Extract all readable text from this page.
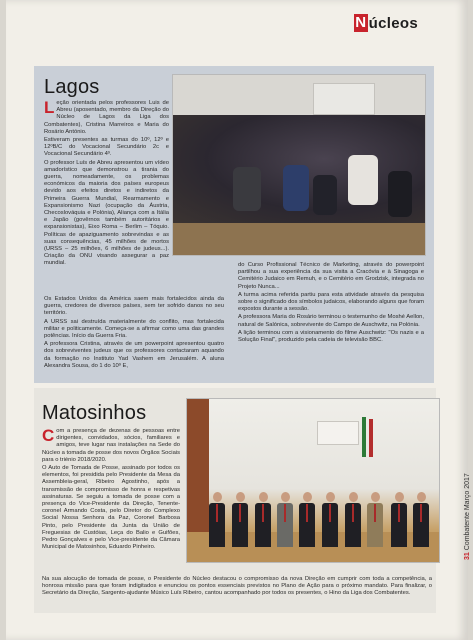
N úcleos
Lagos
L eção orientada pelos professores Luis de Abreu (aposentado, membro da Direção do Núcleo de Lagos da Liga dos Combatentes), Cristina Marreiros e Maria do Rosário António.

Estiveram presentes as turmas do 10º, 12º e 12ºB/C do Vocacional Secundário 2c e Vocacional Secundário 4º.

O professor Luís de Abreu apresentou um vídeo amadorístico que demonstrou a tirania do guerra, nomeadamente, os problemas económicos da maioria dos países europeus devido aos efeitos diretos e indiretos da Primeira Guerra Mundial, Rearmamento e Expansionismo Nazi (ocupação da Áustria, Checoslováquia e Polónia), Aliança com a Itália e Japão (govêrnos também autoritários e expansionistas), Eixo Roma – Berlim – Tóquio. Políticas de apaziguamento sobrevindas e as suas consequências, 45 milhões de mortos (URSS – 25 milhões, 6 milhões de judeus...). Criação da ONU visando assegurar a paz mundial.

Os Estados Unidos da América saem mais fortalecidos ainda da guerra, credores de diversos países, sem ter sofrido danos no seu território.

A URSS sai destruída materialmente do conflito, mas fortalecida militar e politicamente. Começa-se a afirmar como uma das grandes potências. Início da Guerra Fria.

A professora Cristina, através de um powerpoint apresentou quatro dos sobreviventes judeus que os professores contactaram aquando da formação no Instituto Yad Vashem em Jerusalém. A aluna Alexandra Sousa, do 1 do 10º E,

do Curso Profissional Técnico de Marketing, através do powerpoint partilhou a sua experiência da sua visita a Cracóvia e à Sinagoga e Cemitério Judaico em Remuh, e o Cemitério em Grodzisk, integrada no Projeto Nunca...

A turma acima referida partiu para esta atividade através da pesquisa sobre o significado dos símbolos judaicos, elaborando alguns que foram expostos durante a sessão.

A professora Maria do Rosário terminou o testemunho de Moshé Aellon, natural de Salónica, sobrevivente do Campo de Auschwitz, na Polónia.

A lição terminou com a visionamento do filme Auschwitz: "Os nazis e a Solução Final", produzido pela cadeia de televisão BBC.

Matosinhos
C om a presença de dezenas de pessoas entre dirigentes, convidados, sócios, familiares e amigos, teve lugar nas instalações na Sede do Núcleo a tomada de posse dos novos Órgãos Sociais para o triénio 2018/2020.

O Auto de Tomada de Posse, assinado por todos os elementos, foi presidida pelo Presidente da Mesa da Assembleia-geral, Ribeiro Agostinho, após a transmissão de compromisso de honra e respetivas assinaturas. Se seguiu a tomada de posse com a presença do Vice-Presidente da Direção, Tenente-coronel Armando Costa, pelo Diretor do Complexo Social Nossa Senhora da Paz, Coronel Barbosa Pinto, pelo Presidente da Junta da União de Freguesias de Custóias, Leça do Balio e Guifões, Pedro Gonçalves e pelo Vice-presidente da Câmara Municipal de Matosinhos, Eduardo Pinheiro.

Na sua alocução de tomada de posse, o Presidente do Núcleo destacou o compromisso da nova Direção em cumprir com toda a competência, a honrosa missão para que foram indigitados e enunciou os pontos essenciais previstos no Plano de Ação para o próximo mandato. Para finalizar, o Secretário da Direção, Sargento-ajudante Músico Luís Ribeiro, cantou acompanhado por todos os presentes, o Hino da Liga dos Combatentes.

31 Combatente Março 2017
